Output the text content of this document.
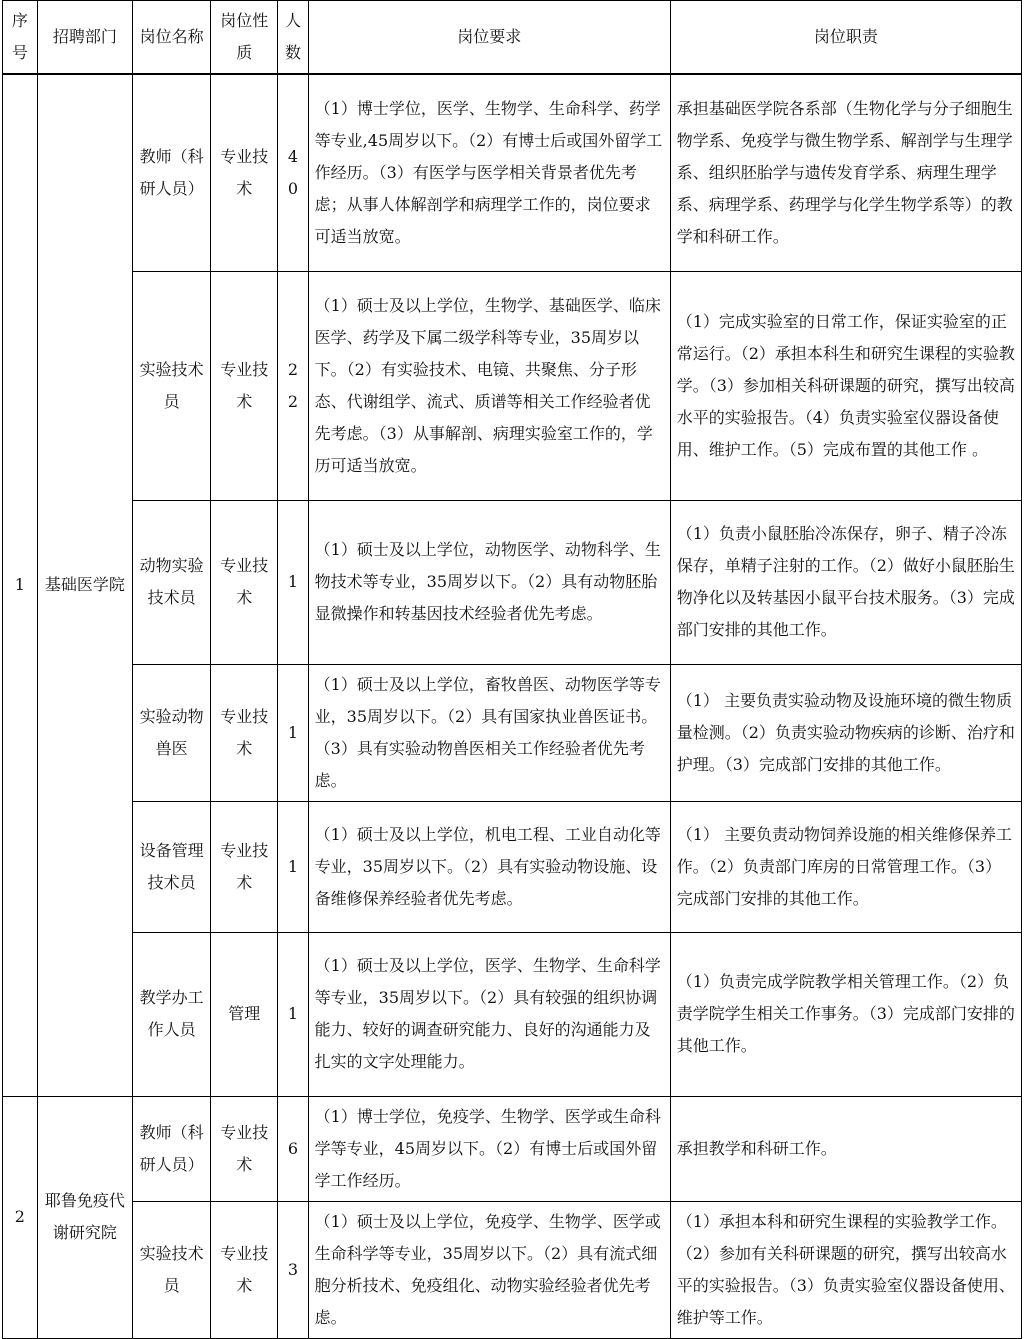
序号	招聘部门	岗位名称	岗位性质	人数	岗位要求	岗位职责
1	基础医学院	教师（科研人员）	专业技术	40	（1）博士学位，医学、生物学、生命科学、药学等专业,45周岁以下。（2）有博士后或国外留学工作经历。（3）有医学与医学相关背景者优先考虑；从事人体解剖学和病理学工作的，岗位要求可适当放宽。	承担基础医学院各系部（生物化学与分子细胞生物学系、免疫学与微生物学系、解剖学与生理学系、组织胚胎学与遗传发育学系、病理生理学系、病理学系、药理学与化学生物学系等）的教学和科研工作。
		实验技术员	专业技术	22	（1）硕士及以上学位，生物学、基础医学、临床医学、药学及下属二级学科等专业，35周岁以下。（2）有实验技术、电镜、共聚焦、分子形态、代谢组学、流式、质谱等相关工作经验者优先考虑。（3）从事解剖、病理实验室工作的，学历可适当放宽。	（1）完成实验室的日常工作，保证实验室的正常运行。（2）承担本科生和研究生课程的实验教学。（3）参加相关科研课题的研究，撰写出较高水平的实验报告。（4）负责实验室仪器设备使用、维护工作。（5）完成布置的其他工作 。
		动物实验技术员	专业技术	1	（1）硕士及以上学位，动物医学、动物科学、生物技术等专业，35周岁以下。（2）具有动物胚胎显微操作和转基因技术经验者优先考虑。	（1）负责小鼠胚胎冷冻保存，卵子、精子冷冻保存，单精子注射的工作。（2）做好小鼠胚胎生物净化以及转基因小鼠平台技术服务。（3）完成部门安排的其他工作。
		实验动物兽医	专业技术	1	（1）硕士及以上学位，畜牧兽医、动物医学等专业，35周岁以下。（2）具有国家执业兽医证书。（3）具有实验动物兽医相关工作经验者优先考虑。	（1） 主要负责实验动物及设施环境的微生物质量检测。（2）负责实验动物疾病的诊断、治疗和护理。（3）完成部门安排的其他工作。
		设备管理技术员	专业技术	1	（1）硕士及以上学位，机电工程、工业自动化等专业，35周岁以下。（2）具有实验动物设施、设备维修保养经验者优先考虑。	（1） 主要负责动物饲养设施的相关维修保养工作。（2）负责部门库房的日常管理工作。（3）完成部门安排的其他工作。
		教学办工作人员	管理	1	（1）硕士及以上学位，医学、生物学、生命科学等专业，35周岁以下。（2）具有较强的组织协调能力、较好的调查研究能力、良好的沟通能力及扎实的文字处理能力。	（1）负责完成学院教学相关管理工作。（2）负责学院学生相关工作事务。（3）完成部门安排的其他工作。
2	耶鲁免疫代谢研究院	教师（科研人员）	专业技术	6	（1）博士学位，免疫学、生物学、医学或生命科学等专业，45周岁以下。（2）有博士后或国外留学工作经历。	承担教学和科研工作。
		实验技术员	专业技术	3	（1）硕士及以上学位，免疫学、生物学、医学或生命科学等专业，35周岁以下。（2）具有流式细胞分析技术、免疫组化、动物实验经验者优先考虑。	（1）承担本科和研究生课程的实验教学工作。（2）参加有关科研课题的研究，撰写出较高水平的实验报告。（3）负责实验室仪器设备使用、维护等工作。
